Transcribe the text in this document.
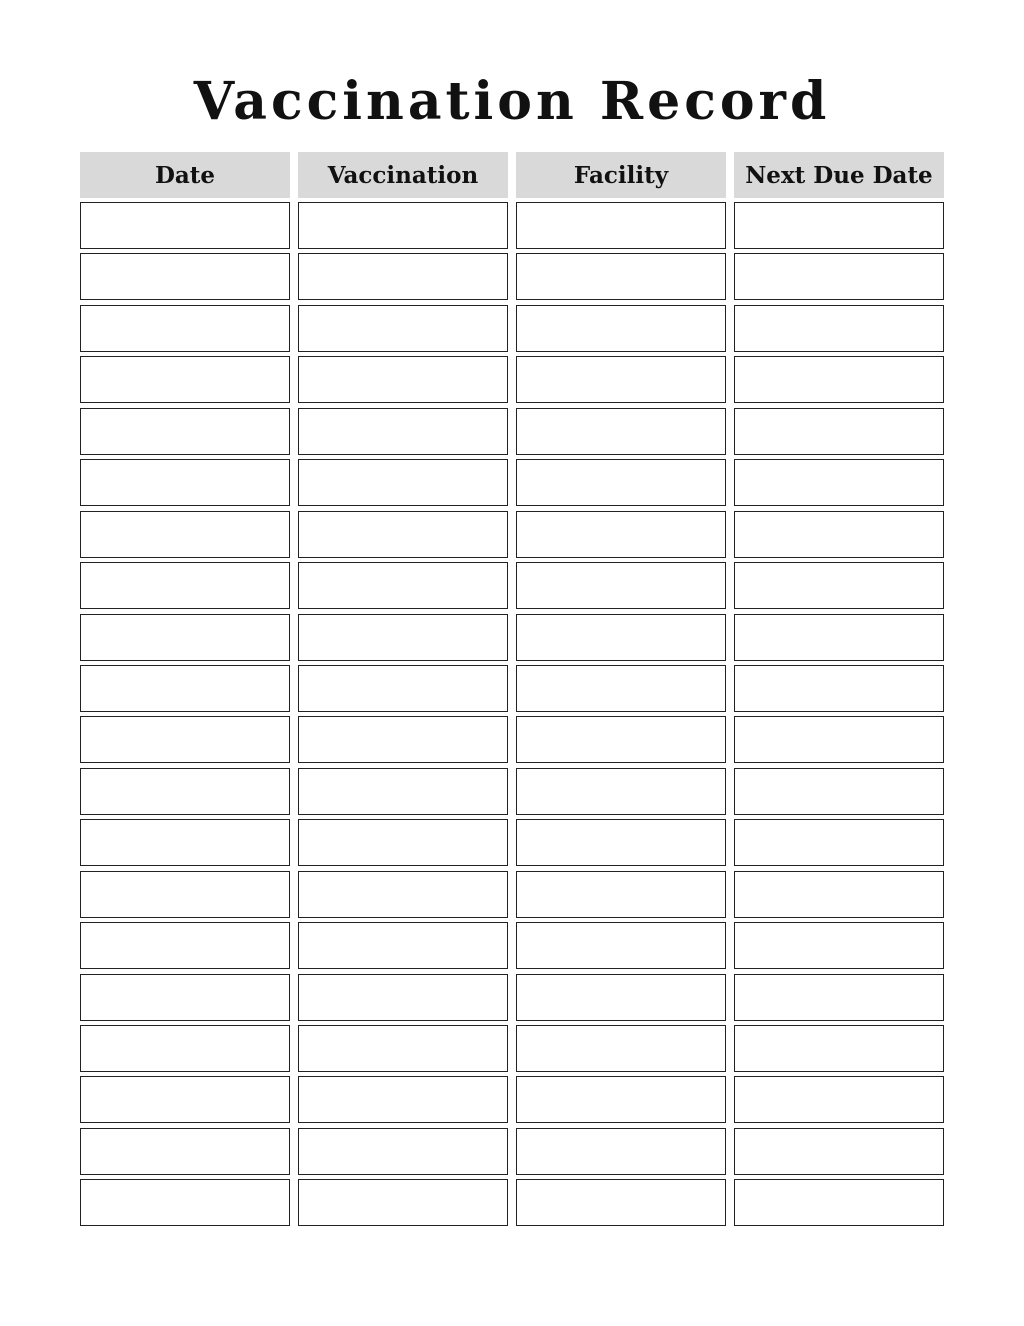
Vaccination Record
Date	Vaccination	Facility	Next Due Date
